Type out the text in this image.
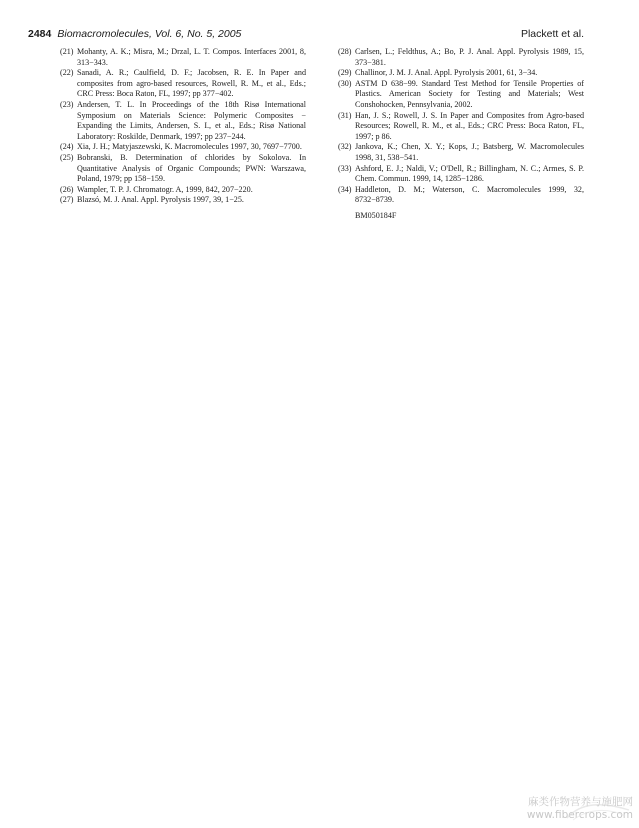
2484 Biomacromolecules, Vol. 6, No. 5, 2005	Plackett et al.
(21) Mohanty, A. K.; Misra, M.; Drzal, L. T. Compos. Interfaces 2001, 8, 313−343.
(22) Sanadi, A. R.; Caulfield, D. F.; Jacobsen, R. E. In Paper and composites from agro-based resources, Rowell, R. M., et al., Eds.; CRC Press: Boca Raton, FL, 1997; pp 377−402.
(23) Andersen, T. L. In Proceedings of the 18th Risø International Symposium on Materials Science: Polymeric Composites − Expanding the Limits, Andersen, S. I., et al., Eds.; Risø National Laboratory: Roskilde, Denmark, 1997; pp 237−244.
(24) Xia, J. H.; Matyjaszewski, K. Macromolecules 1997, 30, 7697−7700.
(25) Bobranski, B. Determination of chlorides by Sokolova. In Quantitative Analysis of Organic Compounds; PWN: Warszawa, Poland, 1979; pp 158−159.
(26) Wampler, T. P. J. Chromatogr. A, 1999, 842, 207−220.
(27) Blazsó, M. J. Anal. Appl. Pyrolysis 1997, 39, 1−25.
(28) Carlsen, L.; Feldthus, A.; Bo, P. J. Anal. Appl. Pyrolysis 1989, 15, 373−381.
(29) Challinor, J. M. J. Anal. Appl. Pyrolysis 2001, 61, 3−34.
(30) ASTM D 638−99. Standard Test Method for Tensile Properties of Plastics. American Society for Testing and Materials; West Conshohocken, Pennsylvania, 2002.
(31) Han, J. S.; Rowell, J. S. In Paper and Composites from Agro-based Resources; Rowell, R. M., et al., Eds.; CRC Press: Boca Raton, FL, 1997; p 86.
(32) Jankova, K.; Chen, X. Y.; Kops, J.; Batsberg, W. Macromolecules 1998, 31, 538−541.
(33) Ashford, E. J.; Naldi, V.; O'Dell, R.; Billingham, N. C.; Armes, S. P. Chem. Commun. 1999, 14, 1285−1286.
(34) Haddleton, D. M.; Waterson, C. Macromolecules 1999, 32, 8732−8739.
BM050184F
麻类作物营养与施肥网
www.fibercrops.com
